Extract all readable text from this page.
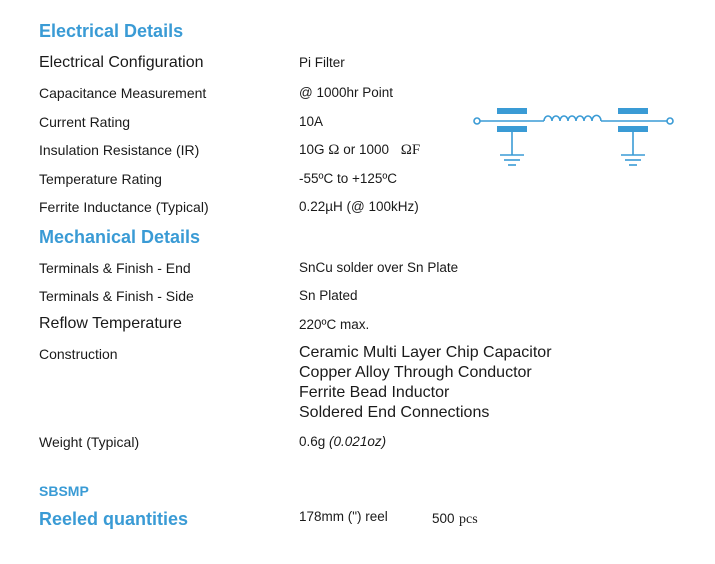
Electrical Details
Electrical Configuration	Pi Filter
Capacitance Measurement	@ 1000hr Point
Current Rating	10A
Insulation Resistance (IR)	10G Ω or 1000 ΩF
Temperature Rating	-55ºC to +125ºC
Ferrite Inductance (Typical)	0.22µH (@ 100kHz)
Mechanical Details
Terminals & Finish - End	SnCu solder over Sn Plate
Terminals & Finish - Side	Sn Plated
Reflow Temperature	220ºC max.
Construction	Ceramic Multi Layer Chip Capacitor
Copper Alloy Through Conductor
Ferrite Bead Inductor
Soldered End Connections
Weight (Typical)	0.6g (0.021oz)
SBSMP
Reeled quantities	178mm (") reel	500 pcs
